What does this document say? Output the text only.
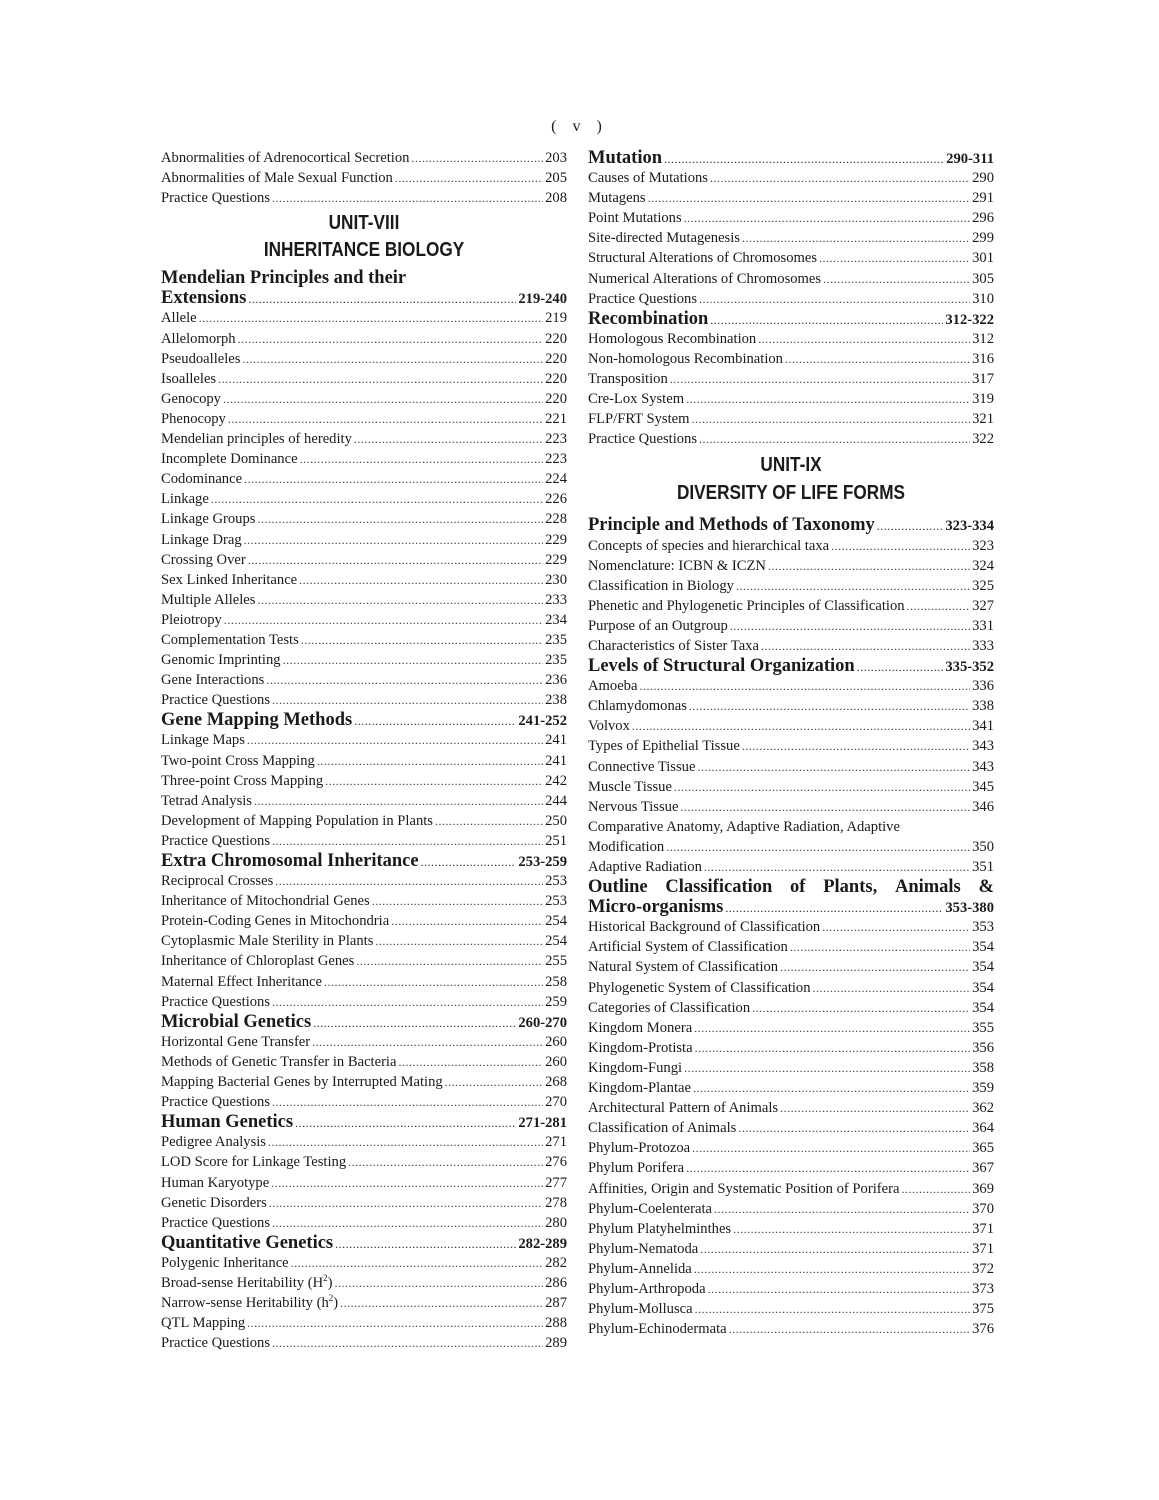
( v )
Abnormalities of Adrenocortical Secretion .....	203
Abnormalities of Male Sexual Function .....	205
Practice Questions .....	208
UNIT-VIII
INHERITANCE BIOLOGY
Mendelian Principles and their
Extensions .....	219-240
Allele .....	219
Allelomorph .....	220
Pseudoalleles .....	220
Isoalleles .....	220
Genocopy .....	220
Phenocopy .....	221
Mendelian principles of heredity .....	223
Incomplete Dominance .....	223
Codominance .....	224
Linkage .....	226
Linkage Groups .....	228
Linkage Drag .....	229
Crossing Over .....	229
Sex Linked Inheritance .....	230
Multiple Alleles .....	233
Pleiotropy .....	234
Complementation Tests .....	235
Genomic Imprinting .....	235
Gene Interactions .....	236
Practice Questions .....	238
Gene Mapping Methods .....	241-252
Linkage Maps .....	241
Two-point Cross Mapping .....	241
Three-point Cross Mapping .....	242
Tetrad Analysis .....	244
Development of Mapping Population in Plants .....	250
Practice Questions .....	251
Extra Chromosomal Inheritance .....	253-259
Reciprocal Crosses .....	253
Inheritance of Mitochondrial Genes .....	253
Protein-Coding Genes in Mitochondria .....	254
Cytoplasmic Male Sterility in Plants .....	254
Inheritance of Chloroplast Genes .....	255
Maternal Effect Inheritance .....	258
Practice Questions .....	259
Microbial Genetics .....	260-270
Horizontal Gene Transfer .....	260
Methods of Genetic Transfer in Bacteria .....	260
Mapping Bacterial Genes by Interrupted Mating .....	268
Practice Questions .....	270
Human Genetics .....	271-281
Pedigree Analysis .....	271
LOD Score for Linkage Testing .....	276
Human Karyotype .....	277
Genetic Disorders .....	278
Practice Questions .....	280
Quantitative Genetics .....	282-289
Polygenic Inheritance .....	282
Broad-sense Heritability $(H^2)$ .....	286
Narrow-sense Heritability $(h^2)$ .....	287
QTL Mapping .....	288
Practice Questions .....	289
Mutation .....	290-311
Causes of Mutations .....	290
Mutagens .....	291
Point Mutations .....	296
Site-directed Mutagenesis .....	299
Structural Alterations of Chromosomes .....	301
Numerical Alterations of Chromosomes .....	305
Practice Questions .....	310
Recombination .....	312-322
Homologous Recombination .....	312
Non-homologous Recombination .....	316
Transposition .....	317
Cre-Lox System .....	319
FLP/FRT System .....	321
Practice Questions .....	322
UNIT-IX
DIVERSITY OF LIFE FORMS
Principle and Methods of Taxonomy .....	323-334
Concepts of species and hierarchical taxa .....	323
Nomenclature: ICBN & ICZN .....	324
Classification in Biology .....	325
Phenetic and Phylogenetic Principles of Classification .....	327
Purpose of an Outgroup .....	331
Characteristics of Sister Taxa .....	333
Levels of Structural Organization .....	335-352
Amoeba .....	336
Chlamydomonas .....	338
Volvox .....	341
Types of Epithelial Tissue .....	343
Connective Tissue .....	343
Muscle Tissue .....	345
Nervous Tissue .....	346
Comparative Anatomy, Adaptive Radiation, Adaptive
Modification .....	350
Adaptive Radiation .....	351
Outline Classification of Plants, Animals &
Micro-organisms .....	353-380
Historical Background of Classification .....	353
Artificial System of Classification .....	354
Natural System of Classification .....	354
Phylogenetic System of Classification .....	354
Categories of Classification .....	354
Kingdom Monera .....	355
Kingdom-Protista .....	356
Kingdom-Fungi .....	358
Kingdom-Plantae .....	359
Architectural Pattern of Animals .....	362
Classification of Animals .....	364
Phylum-Protozoa .....	365
Phylum Porifera .....	367
Affinities, Origin and Systematic Position of Porifera .....	369
Phylum-Coelenterata .....	370
Phylum Platyhelminthes .....	371
Phylum-Nematoda .....	371
Phylum-Annelida .....	372
Phylum-Arthropoda .....	373
Phylum-Mollusca .....	375
Phylum-Echinodermata .....	376
